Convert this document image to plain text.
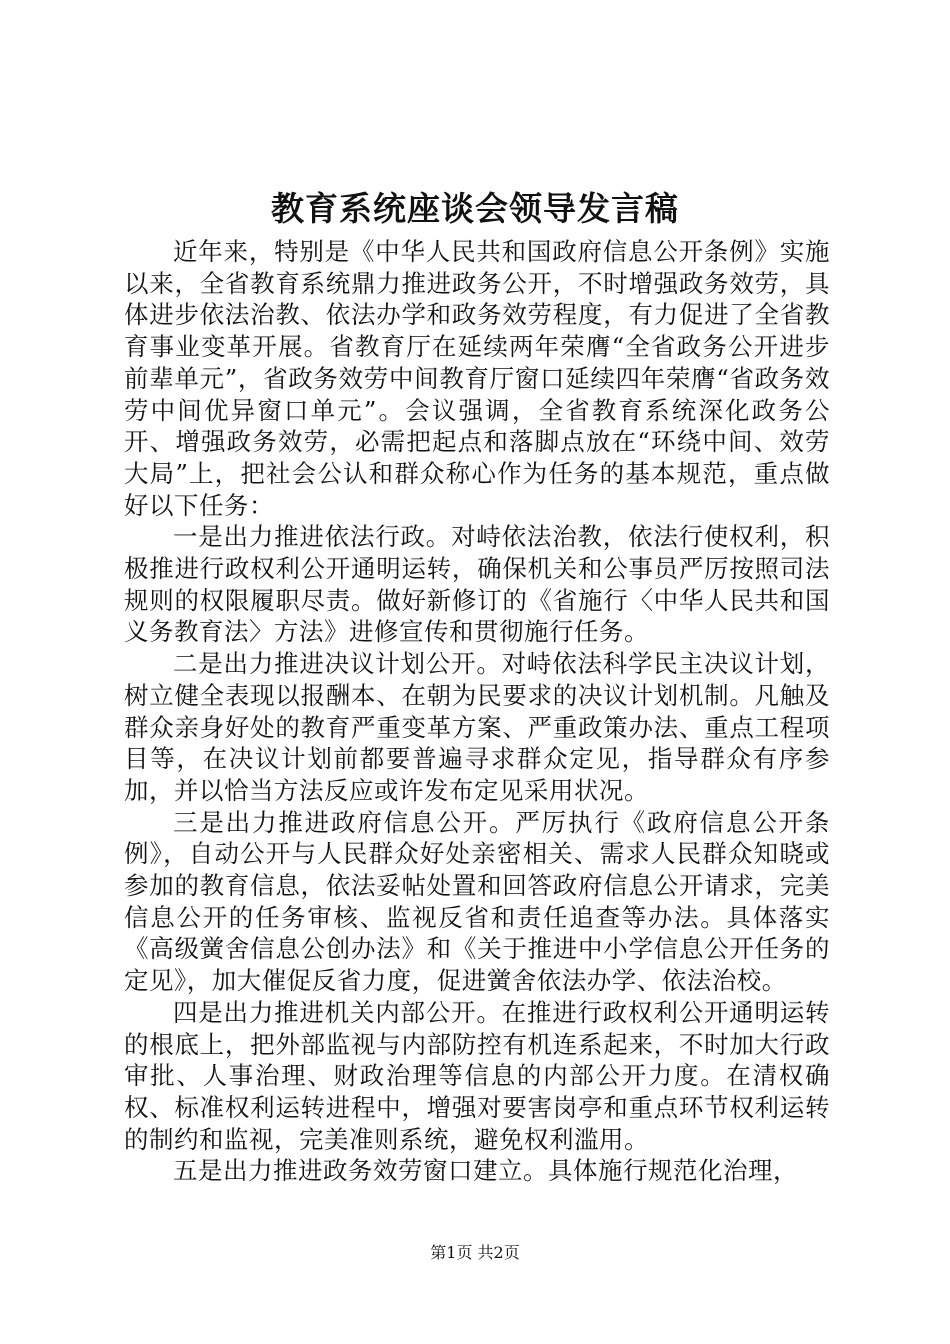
教育系统座谈会领导发言稿

近年来，特别是《中华人民共和国政府信息公开条例》实施以来，全省教育系统鼎力推进政务公开，不时增强政务效劳，具体进步依法治教、依法办学和政务效劳程度，有力促进了全省教育事业变革开展。省教育厅在延续两年荣膺“全省政务公开进步前辈单元”，省政务效劳中间教育厅窗口延续四年荣膺“省政务效劳中间优异窗口单元”。会议强调，全省教育系统深化政务公开、增强政务效劳，必需把起点和落脚点放在“环绕中间、效劳大局”上，把社会公认和群众称心作为任务的基本规范，重点做好以下任务：

一是出力推进依法行政。对峙依法治教，依法行使权利，积极推进行政权利公开通明运转，确保机关和公事员严厉按照司法规则的权限履职尽责。做好新修订的《省施行〈中华人民共和国义务教育法〉方法》进修宣传和贯彻施行任务。

二是出力推进决议计划公开。对峙依法科学民主决议计划，树立健全表现以报酬本、在朝为民要求的决议计划机制。凡触及群众亲身好处的教育严重变革方案、严重政策办法、重点工程项目等，在决议计划前都要普遍寻求群众定见，指导群众有序参加，并以恰当方法反应或许发布定见采用状况。

三是出力推进政府信息公开。严厉执行《政府信息公开条例》，自动公开与人民群众好处亲密相关、需求人民群众知晓或参加的教育信息，依法妥帖处置和回答政府信息公开请求，完美信息公开的任务审核、监视反省和责任追查等办法。具体落实《高级黉舍信息公创办法》和《关于推进中小学信息公开任务的定见》，加大催促反省力度，促进黉舍依法办学、依法治校。

四是出力推进机关内部公开。在推进行政权利公开通明运转的根底上，把外部监视与内部防控有机连系起来，不时加大行政审批、人事治理、财政治理等信息的内部公开力度。在清权确权、标准权利运转进程中，增强对要害岗亭和重点环节权利运转的制约和监视，完美准则系统，避免权利滥用。

五是出力推进政务效劳窗口建立。具体施行规范化治理，

第1页 共2页
